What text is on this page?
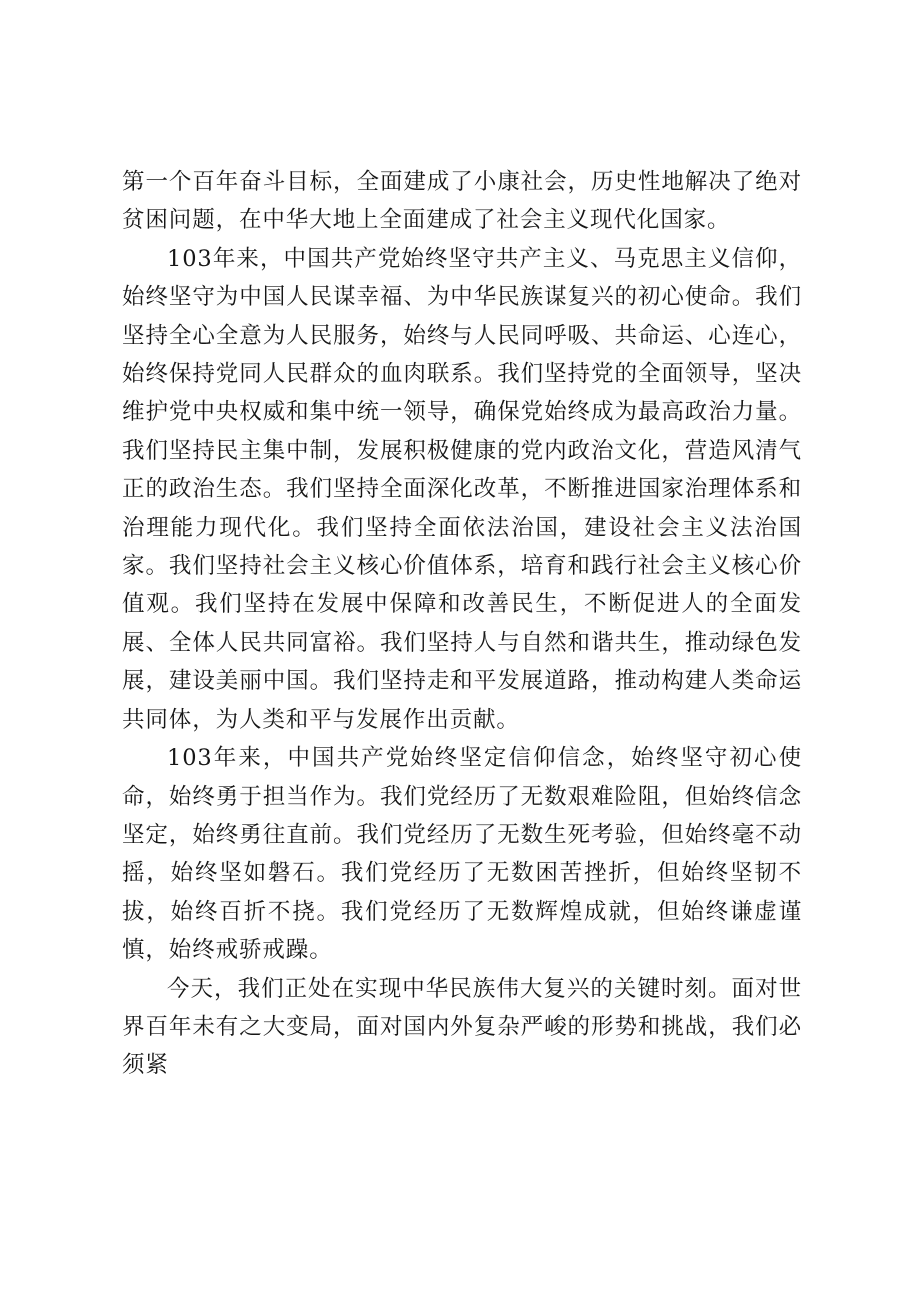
第一个百年奋斗目标，全面建成了小康社会，历史性地解决了绝对贫困问题，在中华大地上全面建成了社会主义现代化国家。

103年来，中国共产党始终坚守共产主义、马克思主义信仰，始终坚守为中国人民谋幸福、为中华民族谋复兴的初心使命。我们坚持全心全意为人民服务，始终与人民同呼吸、共命运、心连心，始终保持党同人民群众的血肉联系。我们坚持党的全面领导，坚决维护党中央权威和集中统一领导，确保党始终成为最高政治力量。我们坚持民主集中制，发展积极健康的党内政治文化，营造风清气正的政治生态。我们坚持全面深化改革，不断推进国家治理体系和治理能力现代化。我们坚持全面依法治国，建设社会主义法治国家。我们坚持社会主义核心价值体系，培育和践行社会主义核心价值观。我们坚持在发展中保障和改善民生，不断促进人的全面发展、全体人民共同富裕。我们坚持人与自然和谐共生，推动绿色发展，建设美丽中国。我们坚持走和平发展道路，推动构建人类命运共同体，为人类和平与发展作出贡献。

103年来，中国共产党始终坚定信仰信念，始终坚守初心使命，始终勇于担当作为。我们党经历了无数艰难险阻，但始终信念坚定，始终勇往直前。我们党经历了无数生死考验，但始终毫不动摇，始终坚如磐石。我们党经历了无数困苦挫折，但始终坚韧不拔，始终百折不挠。我们党经历了无数辉煌成就，但始终谦虚谨慎，始终戒骄戒躁。

今天，我们正处在实现中华民族伟大复兴的关键时刻。面对世界百年未有之大变局，面对国内外复杂严峻的形势和挑战，我们必须紧
